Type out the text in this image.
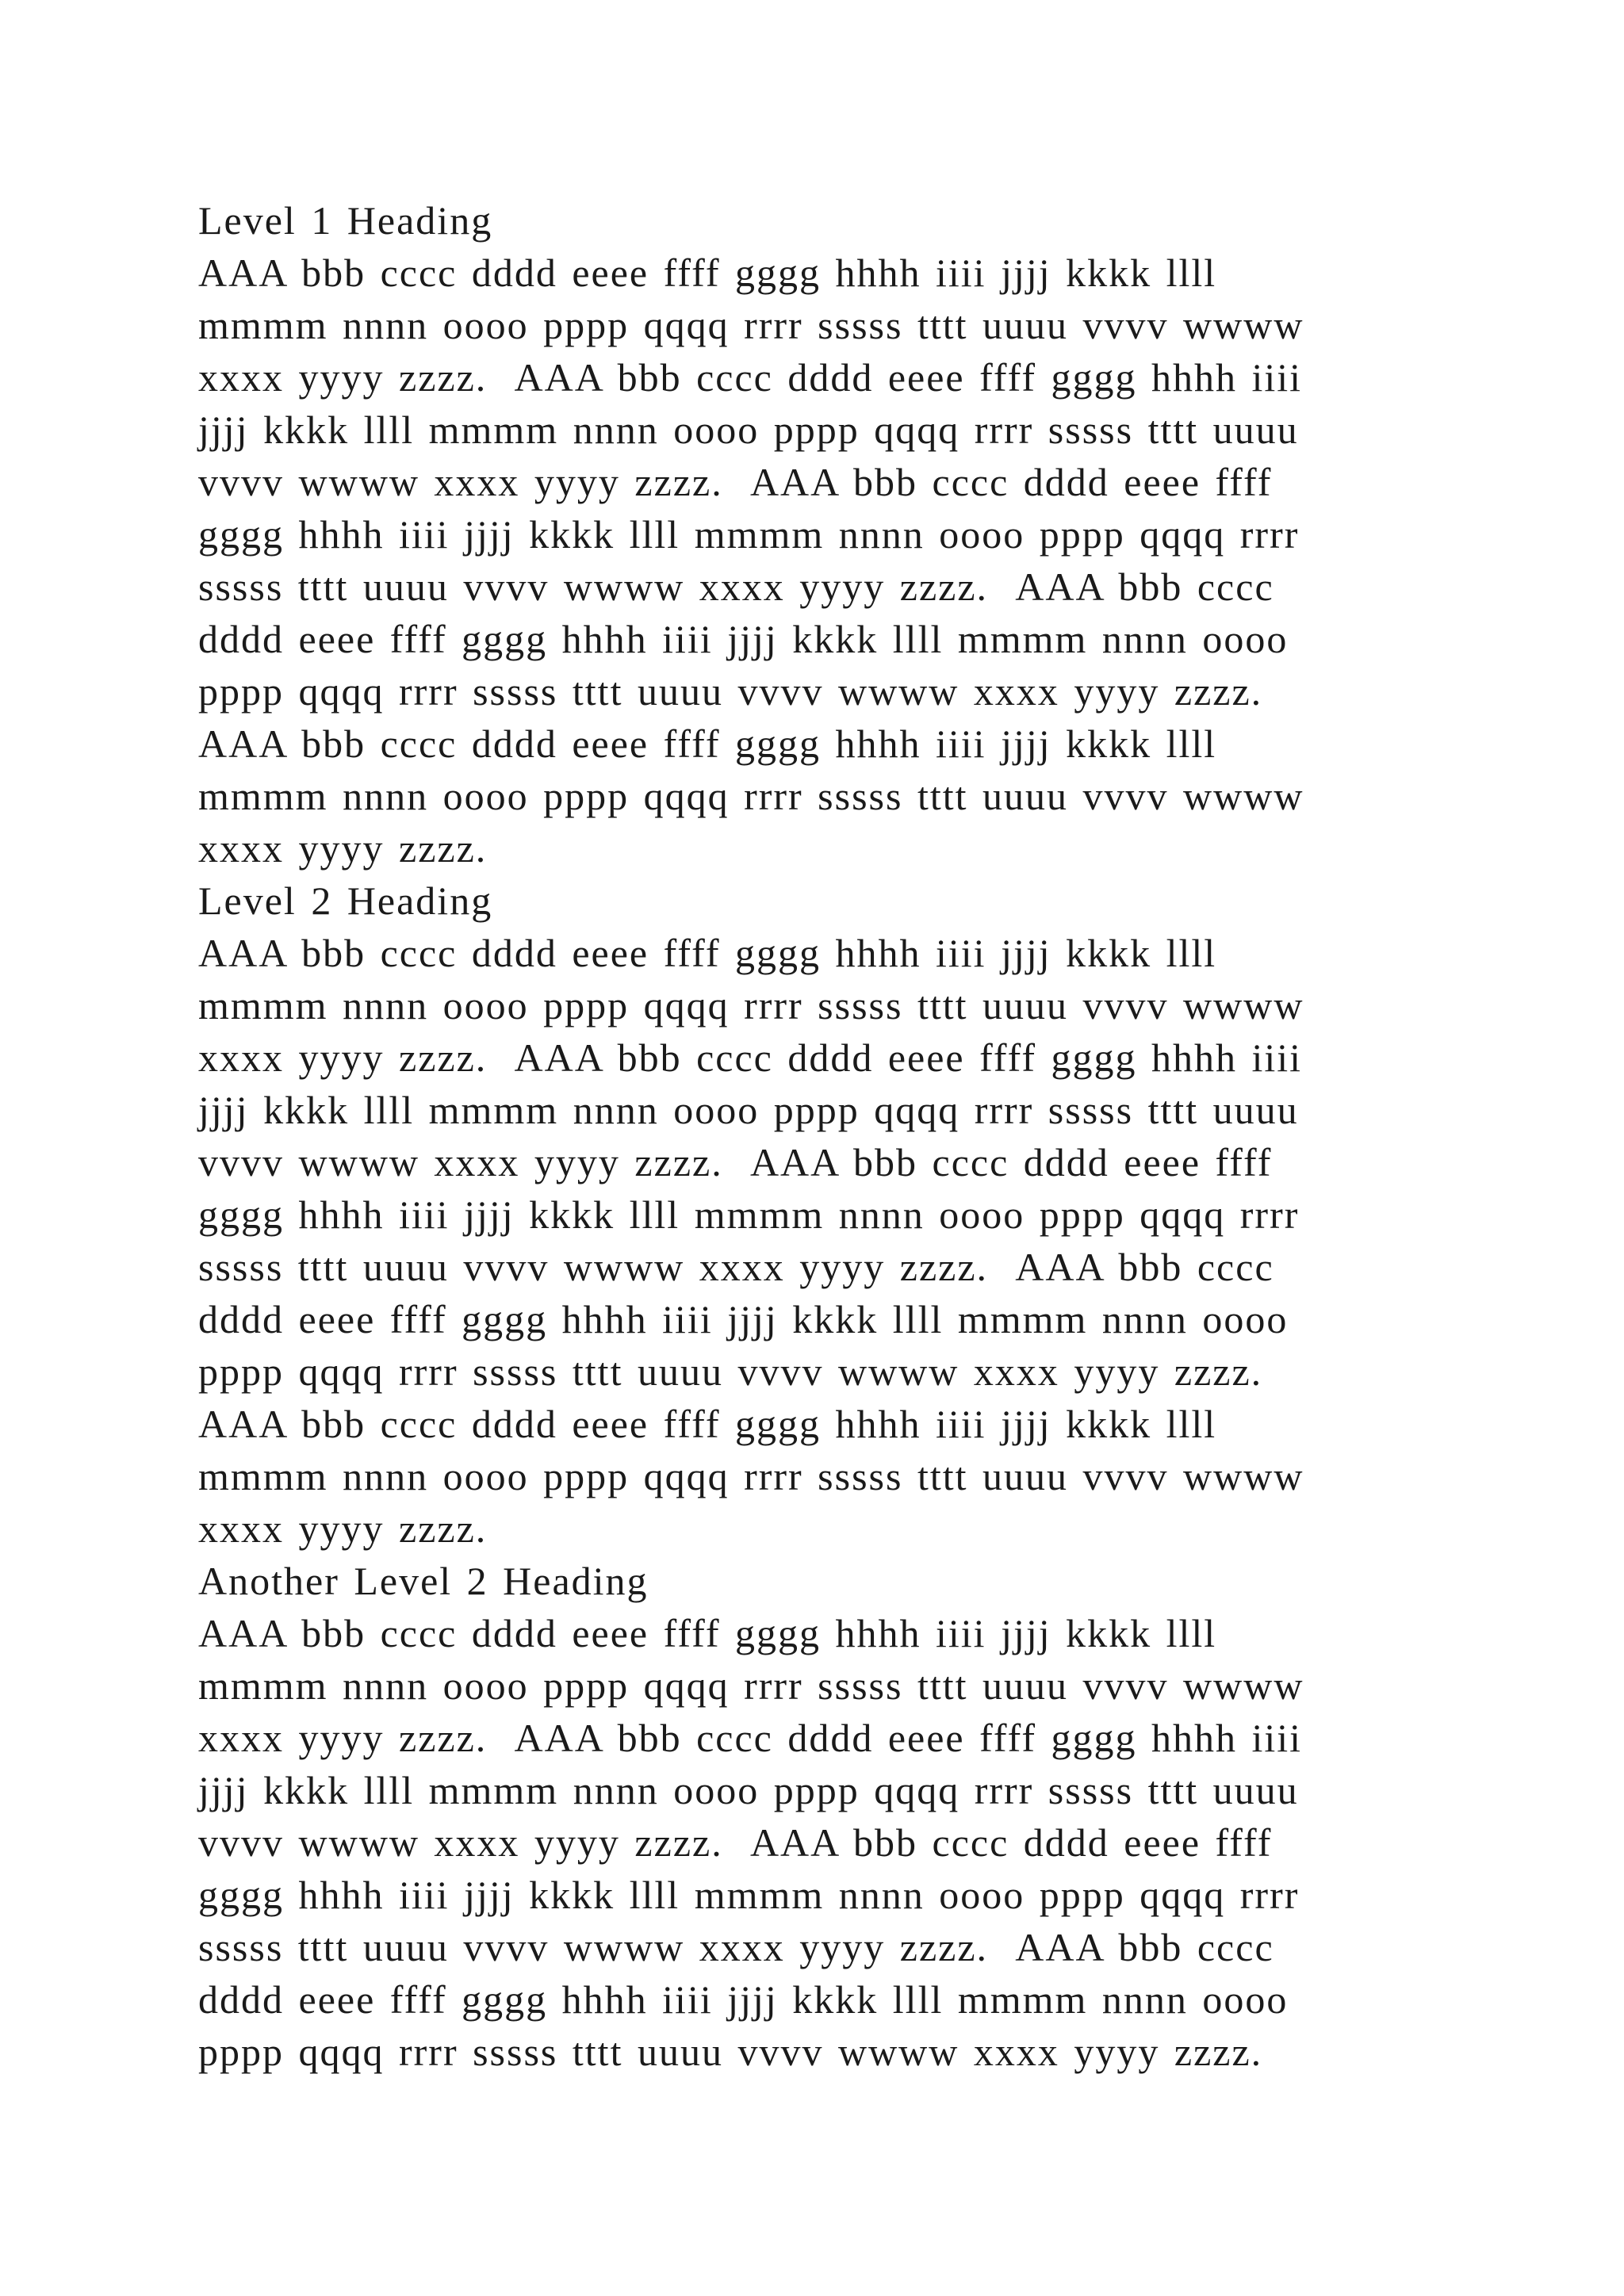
Level 1 Heading
AAA bbb cccc dddd eeee ffff gggg hhhh iiii jjjj kkkk llll
mmmm nnnn oooo pppp qqqq rrrr sssss tttt uuuu vvvv wwww
xxxx yyyy zzzz.  AAA bbb cccc dddd eeee ffff gggg hhhh iiii
jjjj kkkk llll mmmm nnnn oooo pppp qqqq rrrr sssss tttt uuuu
vvvv wwww xxxx yyyy zzzz.  AAA bbb cccc dddd eeee ffff
gggg hhhh iiii jjjj kkkk llll mmmm nnnn oooo pppp qqqq rrrr
sssss tttt uuuu vvvv wwww xxxx yyyy zzzz.  AAA bbb cccc
dddd eeee ffff gggg hhhh iiii jjjj kkkk llll mmmm nnnn oooo
pppp qqqq rrrr sssss tttt uuuu vvvv wwww xxxx yyyy zzzz.
AAA bbb cccc dddd eeee ffff gggg hhhh iiii jjjj kkkk llll
mmmm nnnn oooo pppp qqqq rrrr sssss tttt uuuu vvvv wwww
xxxx yyyy zzzz.
Level 2 Heading
AAA bbb cccc dddd eeee ffff gggg hhhh iiii jjjj kkkk llll
mmmm nnnn oooo pppp qqqq rrrr sssss tttt uuuu vvvv wwww
xxxx yyyy zzzz.  AAA bbb cccc dddd eeee ffff gggg hhhh iiii
jjjj kkkk llll mmmm nnnn oooo pppp qqqq rrrr sssss tttt uuuu
vvvv wwww xxxx yyyy zzzz.  AAA bbb cccc dddd eeee ffff
gggg hhhh iiii jjjj kkkk llll mmmm nnnn oooo pppp qqqq rrrr
sssss tttt uuuu vvvv wwww xxxx yyyy zzzz.  AAA bbb cccc
dddd eeee ffff gggg hhhh iiii jjjj kkkk llll mmmm nnnn oooo
pppp qqqq rrrr sssss tttt uuuu vvvv wwww xxxx yyyy zzzz.
AAA bbb cccc dddd eeee ffff gggg hhhh iiii jjjj kkkk llll
mmmm nnnn oooo pppp qqqq rrrr sssss tttt uuuu vvvv wwww
xxxx yyyy zzzz.
Another Level 2 Heading
AAA bbb cccc dddd eeee ffff gggg hhhh iiii jjjj kkkk llll
mmmm nnnn oooo pppp qqqq rrrr sssss tttt uuuu vvvv wwww
xxxx yyyy zzzz.  AAA bbb cccc dddd eeee ffff gggg hhhh iiii
jjjj kkkk llll mmmm nnnn oooo pppp qqqq rrrr sssss tttt uuuu
vvvv wwww xxxx yyyy zzzz.  AAA bbb cccc dddd eeee ffff
gggg hhhh iiii jjjj kkkk llll mmmm nnnn oooo pppp qqqq rrrr
sssss tttt uuuu vvvv wwww xxxx yyyy zzzz.  AAA bbb cccc
dddd eeee ffff gggg hhhh iiii jjjj kkkk llll mmmm nnnn oooo
pppp qqqq rrrr sssss tttt uuuu vvvv wwww xxxx yyyy zzzz.
